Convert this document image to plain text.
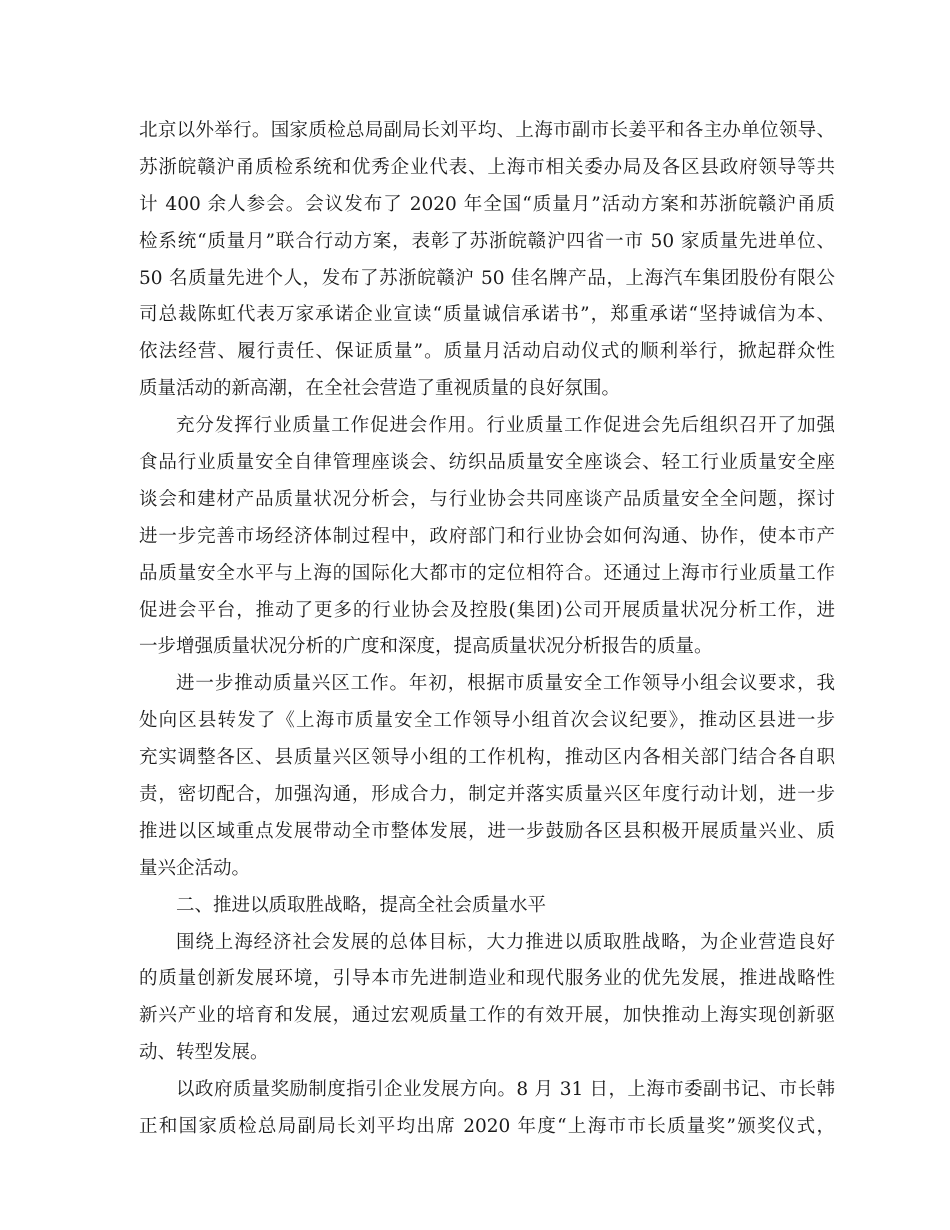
北京以外举行。国家质检总局副局长刘平均、上海市副市长姜平和各主办单位领导、
苏浙皖赣沪甬质检系统和优秀企业代表、上海市相关委办局及各区县政府领导等共
计 400 余人参会。会议发布了 2020 年全国“质量月”活动方案和苏浙皖赣沪甬质
检系统“质量月”联合行动方案，表彰了苏浙皖赣沪四省一市 50 家质量先进单位、
50 名质量先进个人，发布了苏浙皖赣沪 50 佳名牌产品，上海汽车集团股份有限公
司总裁陈虹代表万家承诺企业宣读“质量诚信承诺书”，郑重承诺“坚持诚信为本、
依法经营、履行责任、保证质量”。质量月活动启动仪式的顺利举行，掀起群众性
质量活动的新高潮，在全社会营造了重视质量的良好氛围。
充分发挥行业质量工作促进会作用。行业质量工作促进会先后组织召开了加强
食品行业质量安全自律管理座谈会、纺织品质量安全座谈会、轻工行业质量安全座
谈会和建材产品质量状况分析会，与行业协会共同座谈产品质量安全全问题，探讨
进一步完善市场经济体制过程中，政府部门和行业协会如何沟通、协作，使本市产
品质量安全水平与上海的国际化大都市的定位相符合。还通过上海市行业质量工作
促进会平台，推动了更多的行业协会及控股(集团)公司开展质量状况分析工作，进
一步增强质量状况分析的广度和深度，提高质量状况分析报告的质量。
进一步推动质量兴区工作。年初，根据市质量安全工作领导小组会议要求，我
处向区县转发了《上海市质量安全工作领导小组首次会议纪要》，推动区县进一步
充实调整各区、县质量兴区领导小组的工作机构，推动区内各相关部门结合各自职
责，密切配合，加强沟通，形成合力，制定并落实质量兴区年度行动计划，进一步
推进以区域重点发展带动全市整体发展，进一步鼓励各区县积极开展质量兴业、质
量兴企活动。
二、推进以质取胜战略，提高全社会质量水平
围绕上海经济社会发展的总体目标，大力推进以质取胜战略，为企业营造良好
的质量创新发展环境，引导本市先进制造业和现代服务业的优先发展，推进战略性
新兴产业的培育和发展，通过宏观质量工作的有效开展，加快推动上海实现创新驱
动、转型发展。
以政府质量奖励制度指引企业发展方向。8 月 31 日，上海市委副书记、市长韩
正和国家质检总局副局长刘平均出席 2020 年度“上海市市长质量奖”颁奖仪式，
